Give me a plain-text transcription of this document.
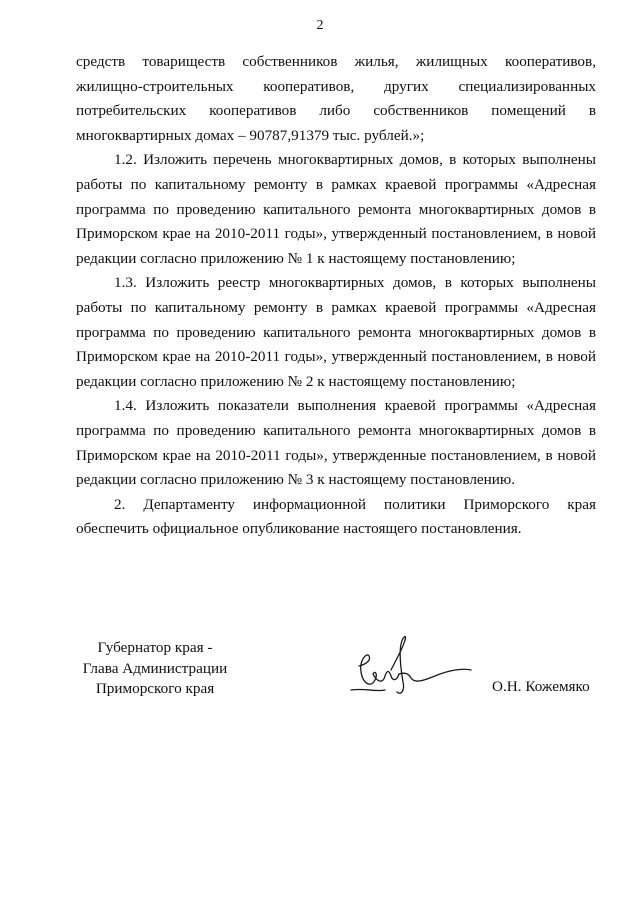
2

средств товариществ собственников жилья, жилищных кооперативов,

жилищно-строительных кооперативов, других специализированных

потребительских кооперативов либо собственников помещений в

многоквартирных домах – 90787,91379 тыс. рублей.»;

1.2. Изложить перечень многоквартирных домов, в которых выполнены работы по капитальному ремонту в рамках краевой программы «Адресная программа по проведению капитального ремонта многоквартирных домов в Приморском крае на 2010-2011 годы», утвержденный постановлением, в новой редакции согласно приложению № 1 к настоящему постановлению;

1.3. Изложить реестр многоквартирных домов, в которых выполнены работы по капитальному ремонту в рамках краевой программы «Адресная программа по проведению капитального ремонта многоквартирных домов в Приморском крае на 2010-2011 годы», утвержденный постановлением, в новой редакции согласно приложению № 2 к настоящему постановлению;

1.4. Изложить показатели выполнения краевой программы «Адресная программа по проведению капитального ремонта многоквартирных домов в Приморском крае на 2010-2011 годы», утвержденные постановлением, в новой редакции согласно приложению № 3 к настоящему постановлению.

2. Департаменту информационной политики Приморского края обеспечить официальное опубликование настоящего постановления.

Губернатор края -
Глава Администрации
Приморского края	О.Н. Кожемяко
